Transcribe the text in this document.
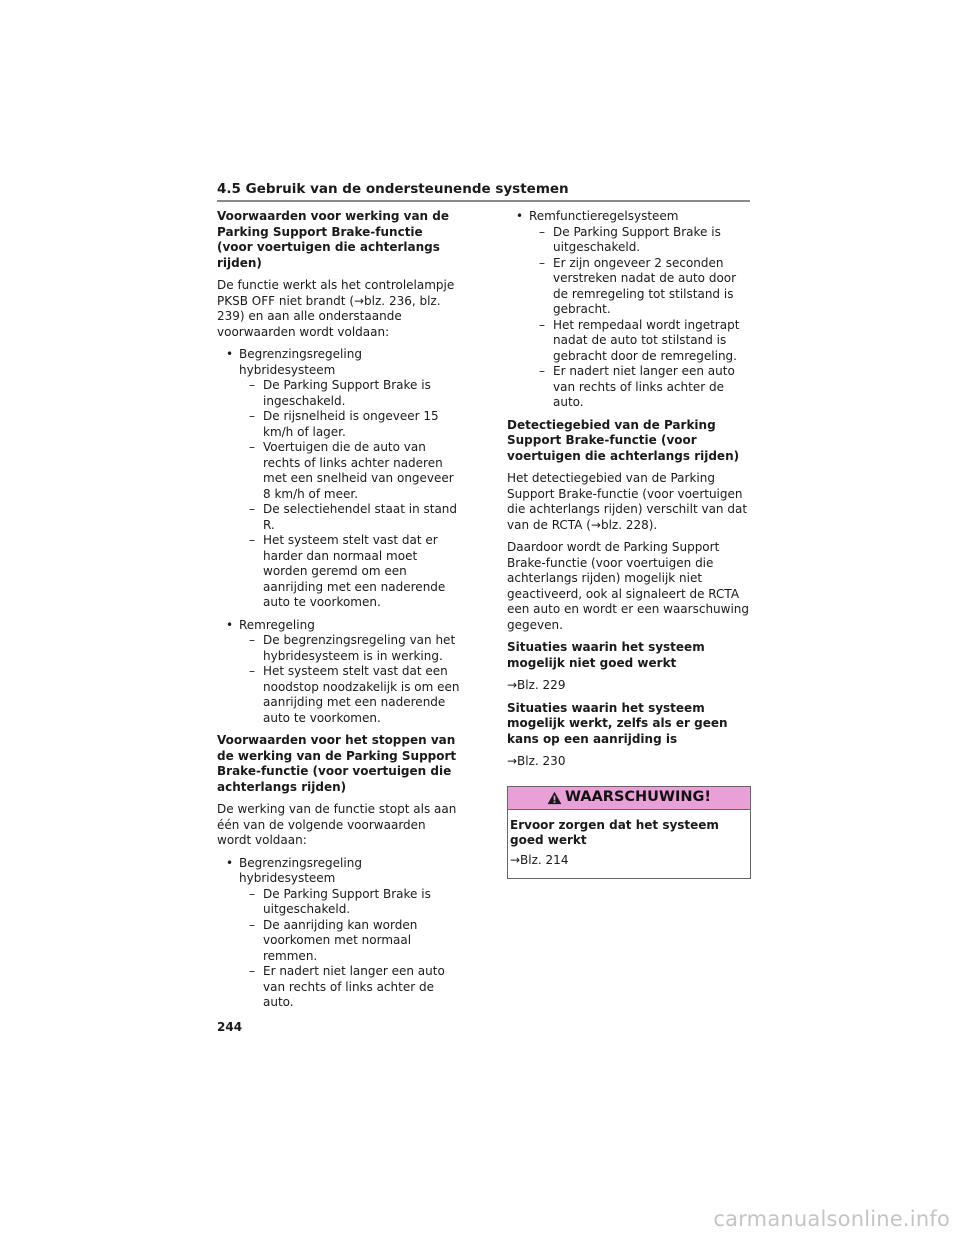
4.5 Gebruik van de ondersteunende systemen
Voorwaarden voor werking van de Parking Support Brake-functie (voor voertuigen die achterlangs rijden)
De functie werkt als het controlelampje PKSB OFF niet brandt (→blz. 236, blz. 239) en aan alle onderstaande voorwaarden wordt voldaan:
• Begrenzingsregeling hybridesysteem
– De Parking Support Brake is ingeschakeld.
– De rijsnelheid is ongeveer 15 km/h of lager.
– Voertuigen die de auto van rechts of links achter naderen met een snelheid van ongeveer 8 km/h of meer.
– De selectiehendel staat in stand R.
– Het systeem stelt vast dat er harder dan normaal moet worden geremd om een aanrijding met een naderende auto te voorkomen.
• Remregeling
– De begrenzingsregeling van het hybridesysteem is in werking.
– Het systeem stelt vast dat een noodstop noodzakelijk is om een aanrijding met een naderende auto te voorkomen.
Voorwaarden voor het stoppen van de werking van de Parking Support Brake-functie (voor voertuigen die achterlangs rijden)
De werking van de functie stopt als aan één van de volgende voorwaarden wordt voldaan:
• Begrenzingsregeling hybridesysteem
– De Parking Support Brake is uitgeschakeld.
– De aanrijding kan worden voorkomen met normaal remmen.
– Er nadert niet langer een auto van rechts of links achter de auto.
• Remfunctieregelsysteem
– De Parking Support Brake is uitgeschakeld.
– Er zijn ongeveer 2 seconden verstreken nadat de auto door de remregeling tot stilstand is gebracht.
– Het rempedaal wordt ingetrapt nadat de auto tot stilstand is gebracht door de remregeling.
– Er nadert niet langer een auto van rechts of links achter de auto.
Detectiegebied van de Parking Support Brake-functie (voor voertuigen die achterlangs rijden)
Het detectiegebied van de Parking Support Brake-functie (voor voertuigen die achterlangs rijden) verschilt van dat van de RCTA (→blz. 228).
Daardoor wordt de Parking Support Brake-functie (voor voertuigen die achterlangs rijden) mogelijk niet geactiveerd, ook al signaleert de RCTA een auto en wordt er een waarschuwing gegeven.
Situaties waarin het systeem mogelijk niet goed werkt
→Blz. 229
Situaties waarin het systeem mogelijk werkt, zelfs als er geen kans op een aanrijding is
→Blz. 230
WAARSCHUWING!
Ervoor zorgen dat het systeem goed werkt
→Blz. 214
244
carmanualsonline.info
